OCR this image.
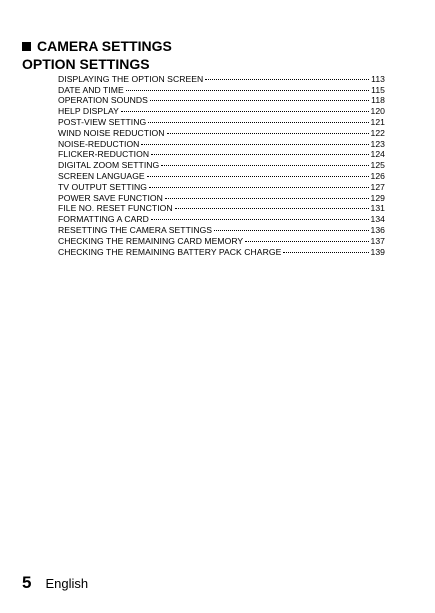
CAMERA SETTINGS
OPTION SETTINGS
DISPLAYING THE OPTION SCREEN	113
DATE AND TIME	115
OPERATION SOUNDS	118
HELP DISPLAY	120
POST-VIEW SETTING	121
WIND NOISE REDUCTION	122
NOISE-REDUCTION	123
FLICKER-REDUCTION	124
DIGITAL ZOOM SETTING	125
SCREEN LANGUAGE	126
TV OUTPUT SETTING	127
POWER SAVE FUNCTION	129
FILE NO. RESET FUNCTION	131
FORMATTING A CARD	134
RESETTING THE CAMERA SETTINGS	136
CHECKING THE REMAINING CARD MEMORY	137
CHECKING THE REMAINING BATTERY PACK CHARGE	139
5 English
